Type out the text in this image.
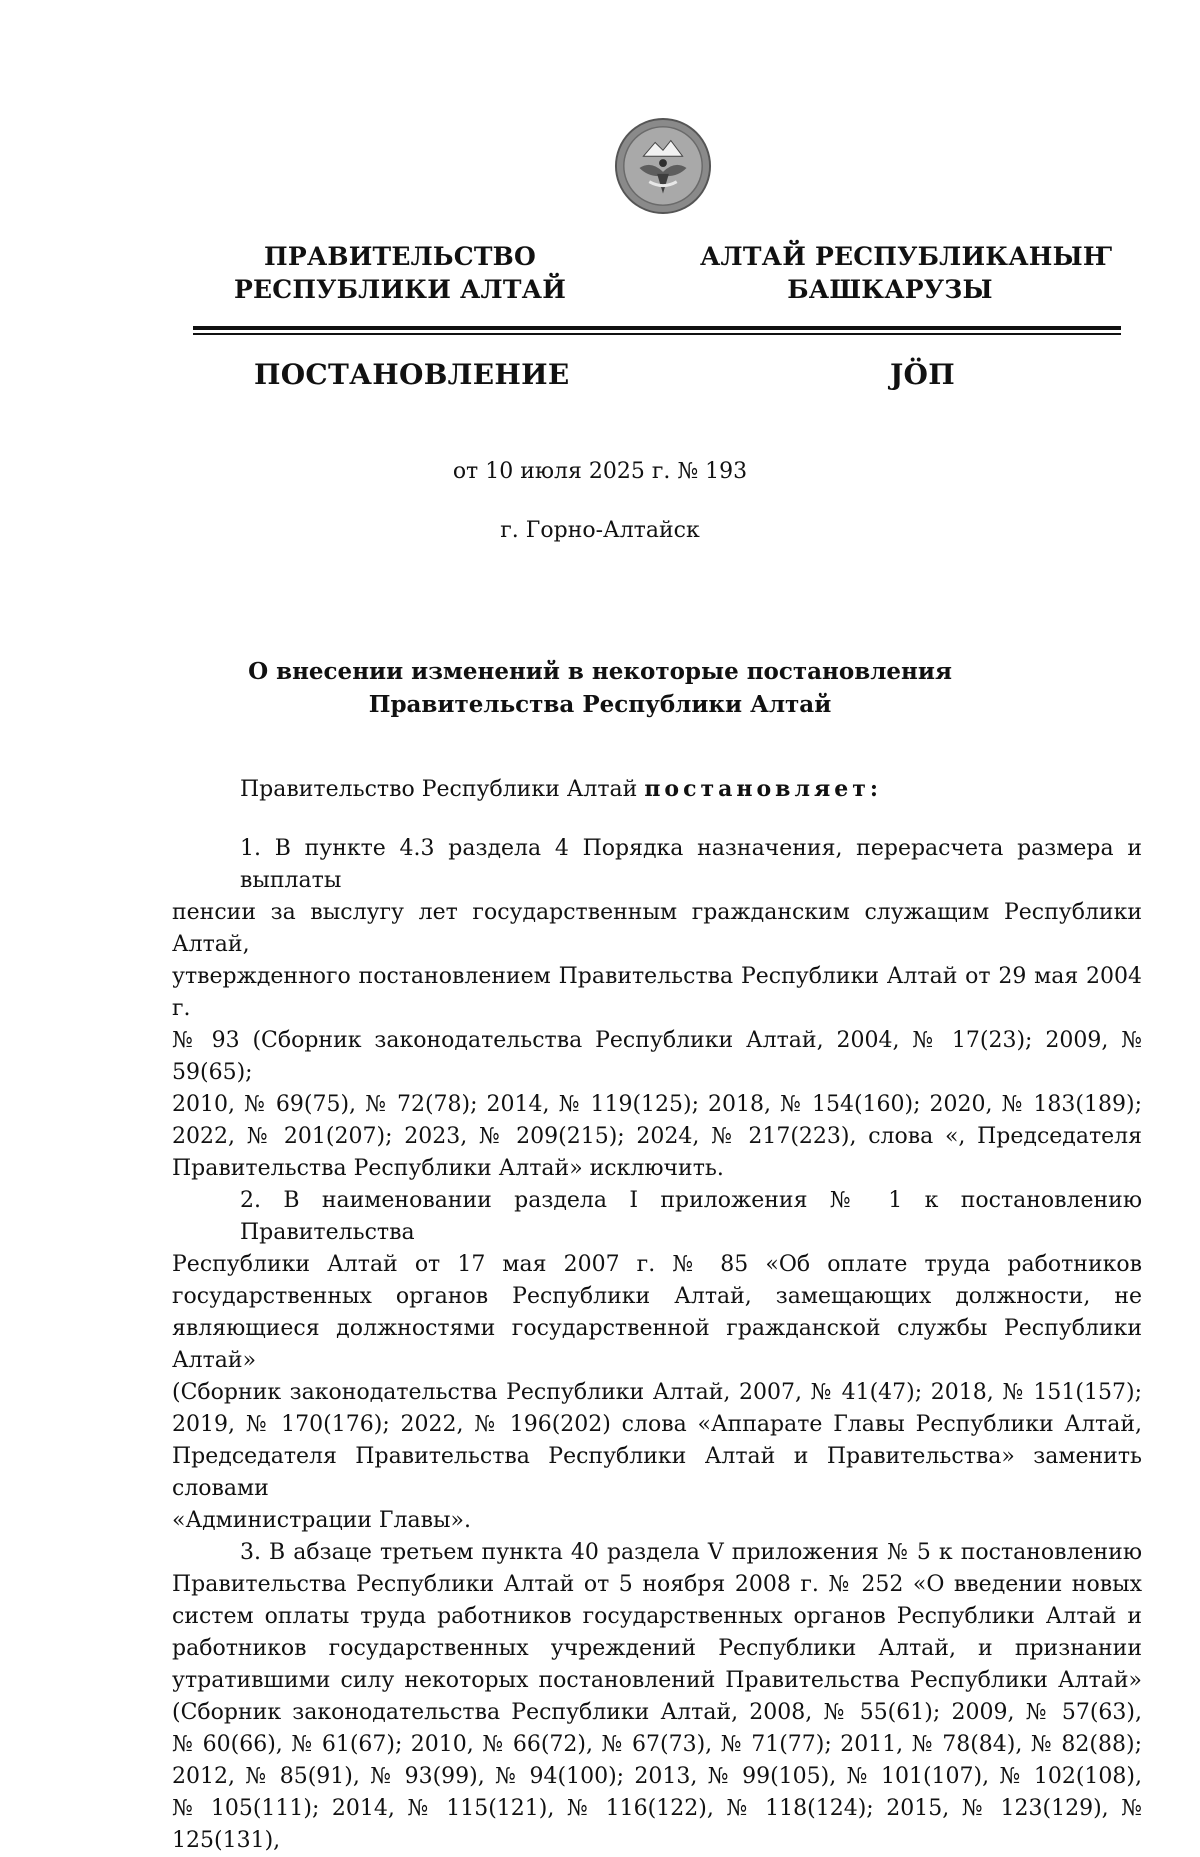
ПРАВИТЕЛЬСТВО
РЕСПУБЛИКИ АЛТАЙ
АЛТАЙ РЕСПУБЛИКАНЫҤ
БАШКАРУЗЫ
ПОСТАНОВЛЕНИЕ	ЈӦП
от 10 июля 2025 г. № 193
г. Горно-Алтайск
О внесении изменений в некоторые постановления
Правительства Республики Алтай
Правительство Республики Алтай постановляет:
1. В пункте 4.3 раздела 4 Порядка назначения, перерасчета размера и выплаты
пенсии за выслугу лет государственным гражданским служащим Республики Алтай,
утвержденного постановлением Правительства Республики Алтай от 29 мая 2004 г.
№ 93 (Сборник законодательства Республики Алтай, 2004, № 17(23); 2009, № 59(65);
2010, № 69(75), № 72(78); 2014, № 119(125); 2018, № 154(160); 2020, № 183(189);
2022, № 201(207); 2023, № 209(215); 2024, № 217(223), слова «, Председателя
Правительства Республики Алтай» исключить.
2. В наименовании раздела I приложения № 1 к постановлению Правительства
Республики Алтай от 17 мая 2007 г. № 85 «Об оплате труда работников
государственных органов Республики Алтай, замещающих должности, не
являющиеся должностями государственной гражданской службы Республики Алтай»
(Сборник законодательства Республики Алтай, 2007, № 41(47); 2018, № 151(157);
2019, № 170(176); 2022, № 196(202) слова «Аппарате Главы Республики Алтай,
Председателя Правительства Республики Алтай и Правительства» заменить словами
«Администрации Главы».
3. В абзаце третьем пункта 40 раздела V приложения № 5 к постановлению
Правительства Республики Алтай от 5 ноября 2008 г. № 252 «О введении новых
систем оплаты труда работников государственных органов Республики Алтай и
работников государственных учреждений Республики Алтай, и признании
утратившими силу некоторых постановлений Правительства Республики Алтай»
(Сборник законодательства Республики Алтай, 2008, № 55(61); 2009, № 57(63),
№ 60(66), № 61(67); 2010, № 66(72), № 67(73), № 71(77); 2011, № 78(84), № 82(88);
2012, № 85(91), № 93(99), № 94(100); 2013, № 99(105), № 101(107), № 102(108),
№ 105(111); 2014, № 115(121), № 116(122), № 118(124); 2015, № 123(129), № 125(131),
